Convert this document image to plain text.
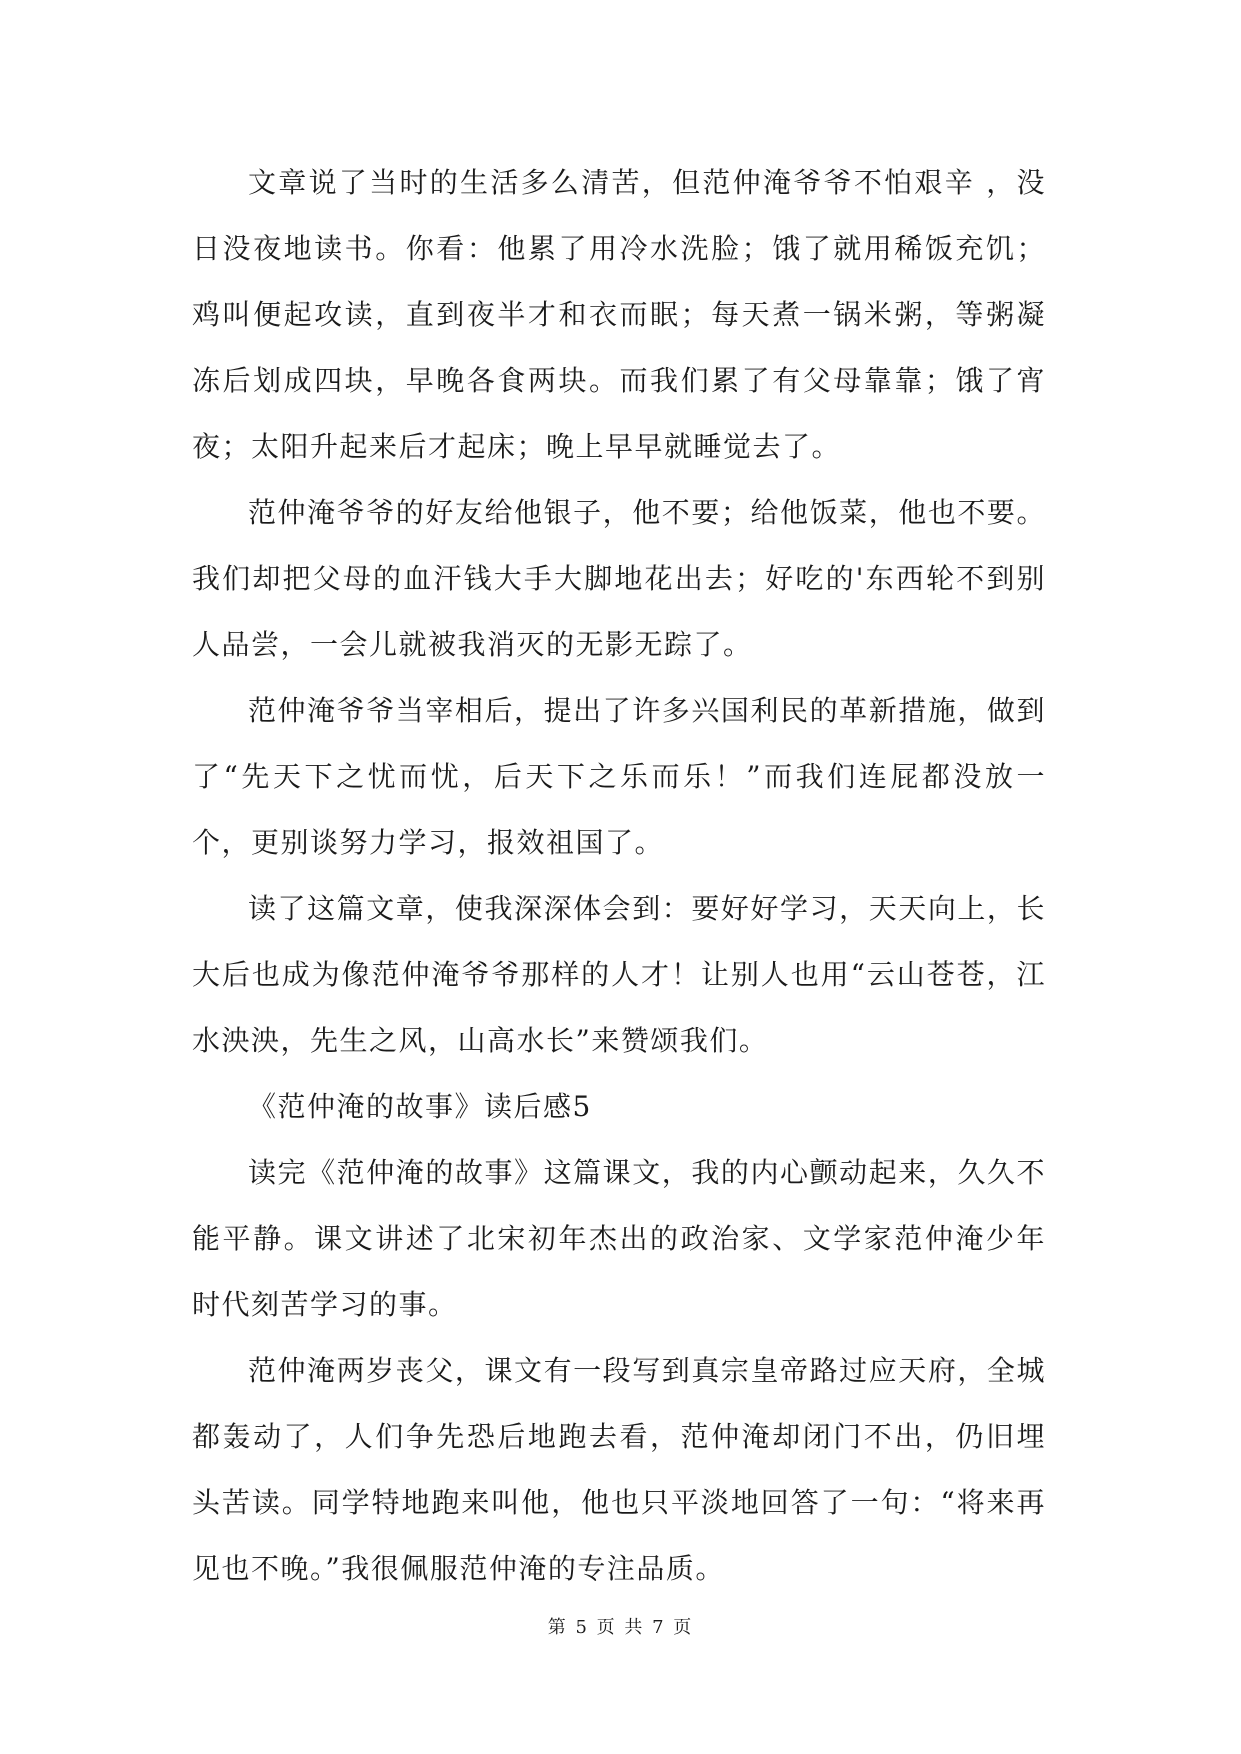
文章说了当时的生活多么清苦，但范仲淹爷爷不怕艰辛 ，没日没夜地读书。你看：他累了用冷水洗脸；饿了就用稀饭充饥；鸡叫便起攻读，直到夜半才和衣而眠；每天煮一锅米粥，等粥凝冻后划成四块，早晚各食两块。而我们累了有父母靠靠；饿了宵夜；太阳升起来后才起床；晚上早早就睡觉去了。

范仲淹爷爷的好友给他银子，他不要；给他饭菜，他也不要。我们却把父母的血汗钱大手大脚地花出去；好吃的'东西轮不到别人品尝，一会儿就被我消灭的无影无踪了。

范仲淹爷爷当宰相后，提出了许多兴国利民的革新措施，做到了“先天下之忧而忧，后天下之乐而乐！”而我们连屁都没放一个，更别谈努力学习，报效祖国了。

读了这篇文章，使我深深体会到：要好好学习，天天向上，长大后也成为像范仲淹爷爷那样的人才！让别人也用“云山苍苍，江水泱泱，先生之风，山高水长”来赞颂我们。

《范仲淹的故事》读后感5

读完《范仲淹的故事》这篇课文，我的内心颤动起来，久久不能平静。课文讲述了北宋初年杰出的政治家、文学家范仲淹少年时代刻苦学习的事。

范仲淹两岁丧父，课文有一段写到真宗皇帝路过应天府，全城都轰动了，人们争先恐后地跑去看，范仲淹却闭门不出，仍旧埋头苦读。同学特地跑来叫他，他也只平淡地回答了一句：“将来再见也不晚。”我很佩服范仲淹的专注品质。

第 5 页 共 7 页
